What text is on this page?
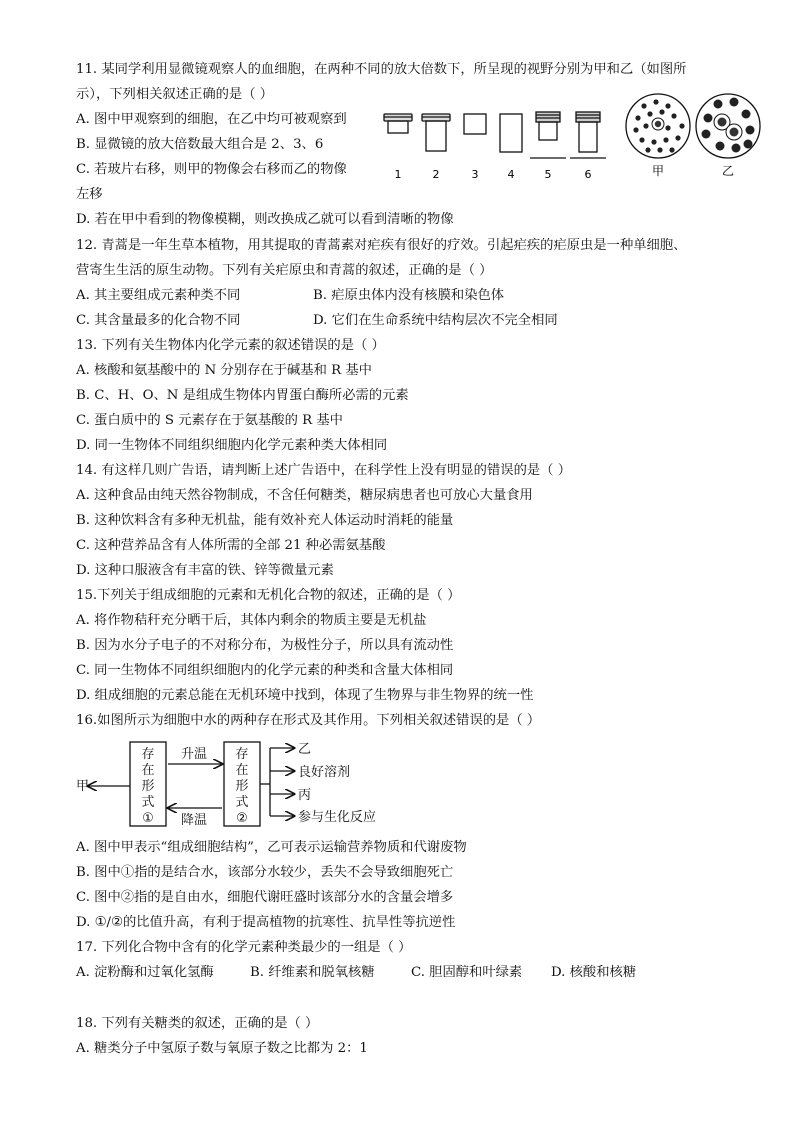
11. 某同学利用显微镜观察人的血细胞，在两种不同的放大倍数下，所呈现的视野分别为甲和乙（如图所
示），下列相关叙述正确的是（ ）
A. 图中甲观察到的细胞，在乙中均可被观察到
B. 显微镜的放大倍数最大组合是 2、3、6
C. 若玻片右移，则甲的物像会右移而乙的物像
左移
D. 若在甲中看到的物像模糊，则改换成乙就可以看到清晰的物像
1	2	3	4	5	6	甲	乙
12. 青蒿是一年生草本植物，用其提取的青蒿素对疟疾有很好的疗效。引起疟疾的疟原虫是一种单细胞、
营寄生生活的原生动物。下列有关疟原虫和青蒿的叙述，正确的是（ ）
A. 其主要组成元素种类不同	B. 疟原虫体内没有核膜和染色体
C. 其含量最多的化合物不同	D. 它们在生命系统中结构层次不完全相同
13. 下列有关生物体内化学元素的叙述错误的是（ ）
A. 核酸和氨基酸中的 N 分别存在于碱基和 R 基中
B. C、H、O、N 是组成生物体内胃蛋白酶所必需的元素
C. 蛋白质中的 S 元素存在于氨基酸的 R 基中
D. 同一生物体不同组织细胞内化学元素种类大体相同
14. 有这样几则广告语，请判断上述广告语中，在科学性上没有明显的错误的是（ ）
A. 这种食品由纯天然谷物制成，不含任何糖类，糖尿病患者也可放心大量食用
B. 这种饮料含有多种无机盐，能有效补充人体运动时消耗的能量
C. 这种营养品含有人体所需的全部 21 种必需氨基酸
D. 这种口服液含有丰富的铁、锌等微量元素
15.下列关于组成细胞的元素和无机化合物的叙述，正确的是（ ）
A. 将作物秸秆充分晒干后，其体内剩余的物质主要是无机盐
B. 因为水分子电子的不对称分布，为极性分子，所以具有流动性
C. 同一生物体不同组织细胞内的化学元素的种类和含量大体相同
D. 组成细胞的元素总能在无机环境中找到，体现了生物界与非生物界的统一性
16.如图所示为细胞中水的两种存在形式及其作用。下列相关叙述错误的是（ ）
存
在
形
式
①
存
在
形
式
②
升温
降温
甲
乙
良好溶剂
丙
参与生化反应
A. 图中甲表示“组成细胞结构”，乙可表示运输营养物质和代谢废物
B. 图中①指的是结合水，该部分水较少，丢失不会导致细胞死亡
C. 图中②指的是自由水，细胞代谢旺盛时该部分水的含量会增多
D. ①/②的比值升高，有利于提高植物的抗寒性、抗旱性等抗逆性
17. 下列化合物中含有的化学元素种类最少的一组是（ ）
A. 淀粉酶和过氧化氢酶	B. 纤维素和脱氧核糖	C. 胆固醇和叶绿素 D. 核酸和核糖
18. 下列有关糖类的叙述，正确的是（ ）
A. 糖类分子中氢原子数与氧原子数之比都为 2：1
